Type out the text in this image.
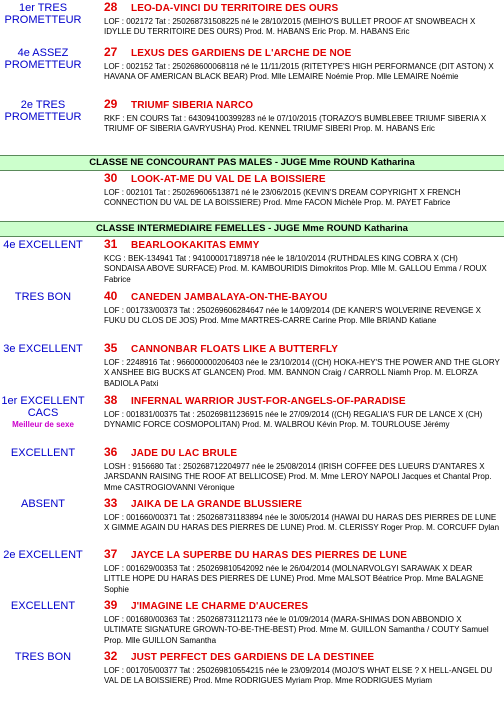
1er TRES
PROMETTEUR
28	LEO-DA-VINCI DU TERRITOIRE DES OURS
LOF : 002172 Tat : 250268731508225 né le 28/10/2015 (MEIHO'S BULLET PROOF AT SNOWBEACH X IDYLLE DU TERRITOIRE DES OURS) Prod. M. HABANS Eric Prop. M. HABANS Eric
4e ASSEZ
PROMETTEUR
27	LEXUS DES GARDIENS DE L'ARCHE DE NOE
LOF : 002152 Tat : 250268600068118 né le 11/11/2015 (RITETYPE'S HIGH PERFORMANCE (DIT ASTON) X HAVANA OF AMERICAN BLACK BEAR) Prod. Mlle LEMAIRE Noémie Prop. Mlle LEMAIRE Noémie
2e TRES
PROMETTEUR
29	TRIUMF SIBERIA NARCO
RKF : EN COURS Tat : 643094100399283 né le 07/10/2015 (TORAZO'S BUMBLEBEE TRIUMF SIBERIA X TRIUMF OF SIBERIA GAVRYUSHA) Prod. KENNEL TRIUMF SIBERI Prop. M. HABANS Eric
CLASSE NE CONCOURANT PAS MALES - JUGE Mme ROUND Katharina
30	LOOK-AT-ME DU VAL DE LA BOISSIERE
LOF : 002101 Tat : 250269606513871 né le 23/06/2015 (KEVIN'S DREAM COPYRIGHT X FRENCH CONNECTION DU VAL DE LA BOISSIERE) Prod. Mme FACON Michèle Prop. M. PAYET Fabrice
CLASSE INTERMEDIAIRE FEMELLES - JUGE Mme ROUND Katharina
4e EXCELLENT	31	BEARLOOKAKITAS EMMY
KCG : BEK-134941 Tat : 941000017189718 née le 18/10/2014 (RUTHDALES KING COBRA X (CH) SONDAISA ABOVE SURFACE) Prod. M. KAMBOURIDIS Dimokritos Prop. Mlle M. GALLOU Emma / ROUX Fabrice
TRES BON	40	CANEDEN JAMBALAYA-ON-THE-BAYOU
LOF : 001733/00373 Tat : 250269606284647 née le 14/09/2014 (DE KANER'S WOLVERINE REVENGE X FUKU DU CLOS DE JOS) Prod. Mme MARTRES-CARRE Carine Prop. Mlle BRIAND Katiane
3e EXCELLENT	35	CANNONBAR FLOATS LIKE A BUTTERFLY
LOF : 2248916 Tat : 966000000206403 née le 23/10/2014 ((CH) HOKA-HEY'S THE POWER AND THE GLORY X ANSHEE BIG BUCKS AT GLANCEN) Prod. MM. BANNON Craig / CARROLL Niamh Prop. M. ELORZA BADIOLA Patxi
1er EXCELLENT
CACS
Meilleur de sexe
38	INFERNAL WARRIOR JUST-FOR-ANGELS-OF-PARADISE
LOF : 001831/00375 Tat : 250269811236915 née le 27/09/2014 ((CH) REGALIA'S FUR DE LANCE X (CH) DYNAMIC FORCE COSMOPOLITAN) Prod. M. WALBROU Kévin Prop. M. TOURLOUSE Jérémy
EXCELLENT	36	JADE DU LAC BRULE
LOSH : 9156680 Tat : 250268712204977 née le 25/08/2014 (IRISH COFFEE DES LUEURS D'ANTARES X JARSDANN RAISING THE ROOF AT BELLICOSE) Prod. M. Mme LEROY NAPOLI Jacques et Chantal Prop. Mme CASTROGIOVANNI Véronique
ABSENT	33	JAIKA DE LA GRANDE BLUSSIERE
LOF : 001660/00371 Tat : 250268731183894 née le 30/05/2014 (HAWAI DU HARAS DES PIERRES DE LUNE X GIMME AGAIN DU HARAS DES PIERRES DE LUNE) Prod. M. CLERISSY Roger Prop. M. CORCUFF Dylan
2e EXCELLENT	37	JAYCE LA SUPERBE DU HARAS DES PIERRES DE LUNE
LOF : 001629/00353 Tat : 250269810542092 née le 26/04/2014 (MOLNARVOLGYI SARAWAK X DEAR LITTLE HOPE DU HARAS DES PIERRES DE LUNE) Prod. Mme MALSOT Béatrice Prop. Mme BALAGNE Sophie
EXCELLENT	39	J'IMAGINE LE CHARME D'AUCERES
LOF : 001680/00363 Tat : 250268731121173 née le 01/09/2014 (MARA-SHIMAS DON ABBONDIO X ULTIMATE SIGNATURE GROWN-TO-BE-THE-BEST) Prod. Mme M. GUILLON Samantha / COUTY Samuel Prop. Mlle GUILLON Samantha
TRES BON	32	JUST PERFECT DES GARDIENS DE LA DESTINEE
LOF : 001705/00377 Tat : 250269810554215 née le 23/09/2014 (MOJO'S WHAT ELSE ? X HELL-ANGEL DU VAL DE LA BOISSIERE) Prod. Mme RODRIGUES Myriam Prop. Mme RODRIGUES Myriam
